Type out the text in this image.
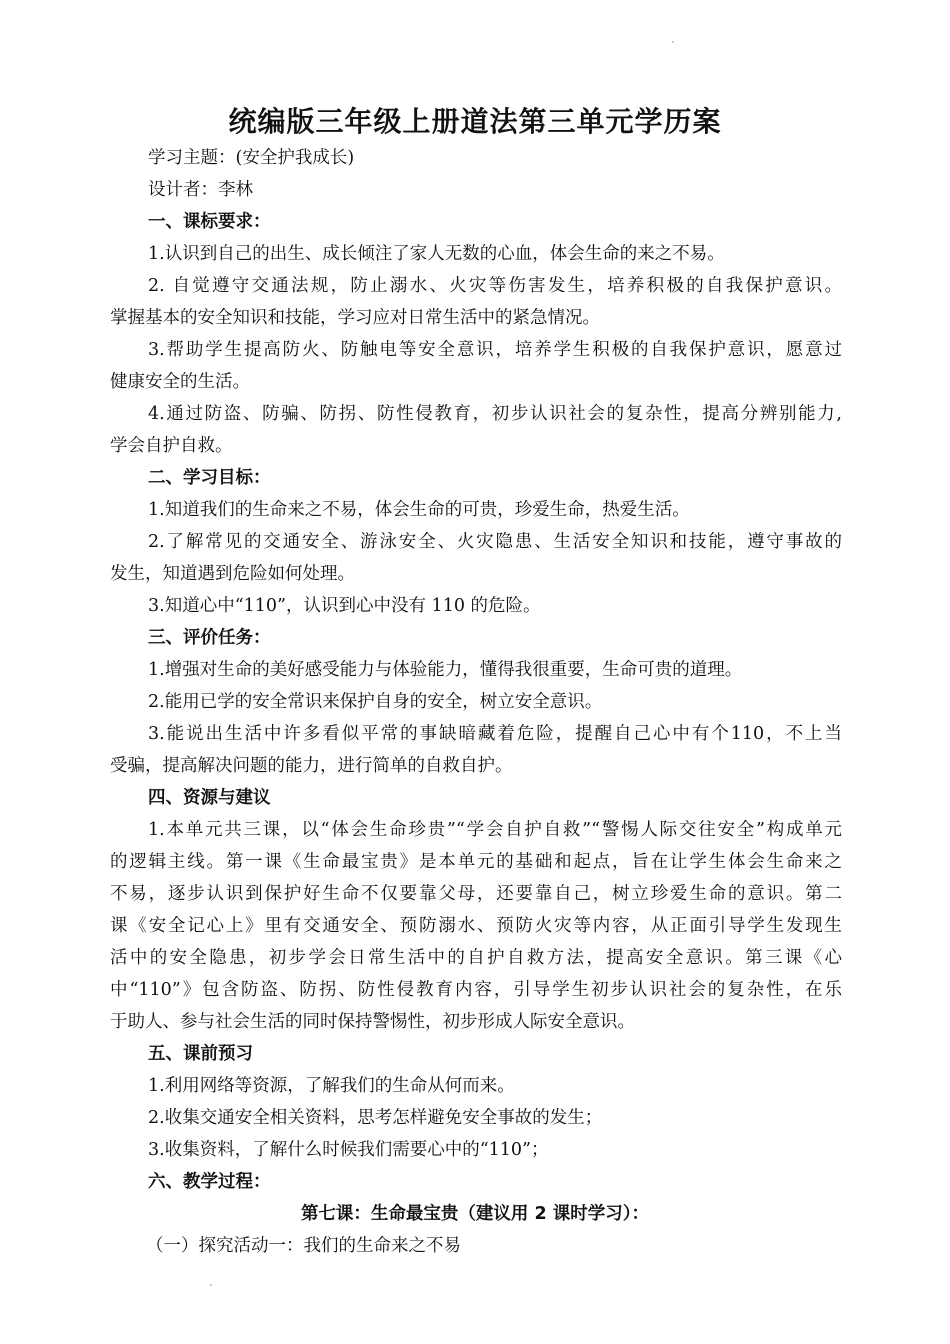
统编版三年级上册道法第三单元学历案

学习主题：(安全护我成长)

设计者：李林

一、课标要求：

1.认识到自己的出生、成长倾注了家人无数的心血，体会生命的来之不易。

2. 自觉遵守交通法规，防止溺水、火灾等伤害发生，培养积极的自我保护意识。

掌握基本的安全知识和技能，学习应对日常生活中的紧急情况。

3.帮助学生提高防火、防触电等安全意识，培养学生积极的自我保护意识，愿意过

健康安全的生活。

4.通过防盗、防骗、防拐、防性侵教育，初步认识社会的复杂性，提高分辨别能力,

学会自护自救。

二、学习目标：

1.知道我们的生命来之不易，体会生命的可贵，珍爱生命，热爱生活。

2.了解常见的交通安全、游泳安全、火灾隐患、生活安全知识和技能，遵守事故的

发生，知道遇到危险如何处理。

3.知道心中“110”，认识到心中没有 110 的危险。

三、评价任务：

1.增强对生命的美好感受能力与体验能力，懂得我很重要，生命可贵的道理。

2.能用已学的安全常识来保护自身的安全，树立安全意识。

3.能说出生活中许多看似平常的事缺暗藏着危险，提醒自己心中有个110，不上当

受骗，提高解决问题的能力，进行简单的自救自护。

四、资源与建议

1.本单元共三课，以“体会生命珍贵”“学会自护自救”“警惕人际交往安全”构成单元

的逻辑主线。第一课《生命最宝贵》是本单元的基础和起点，旨在让学生体会生命来之

不易，逐步认识到保护好生命不仅要靠父母，还要靠自己，树立珍爱生命的意识。第二

课《安全记心上》里有交通安全、预防溺水、预防火灾等内容，从正面引导学生发现生

活中的安全隐患，初步学会日常生活中的自护自救方法，提高安全意识。第三课《心

中“110”》包含防盗、防拐、防性侵教育内容，引导学生初步认识社会的复杂性，在乐

于助人、参与社会生活的同时保持警惕性，初步形成人际安全意识。

五、课前预习

1.利用网络等资源，了解我们的生命从何而来。

2.收集交通安全相关资料，思考怎样避免安全事故的发生；

3.收集资料，了解什么时候我们需要心中的“110”；

六、教学过程：

第七课：生命最宝贵（建议用 2 课时学习）：

（一）探究活动一：我们的生命来之不易
